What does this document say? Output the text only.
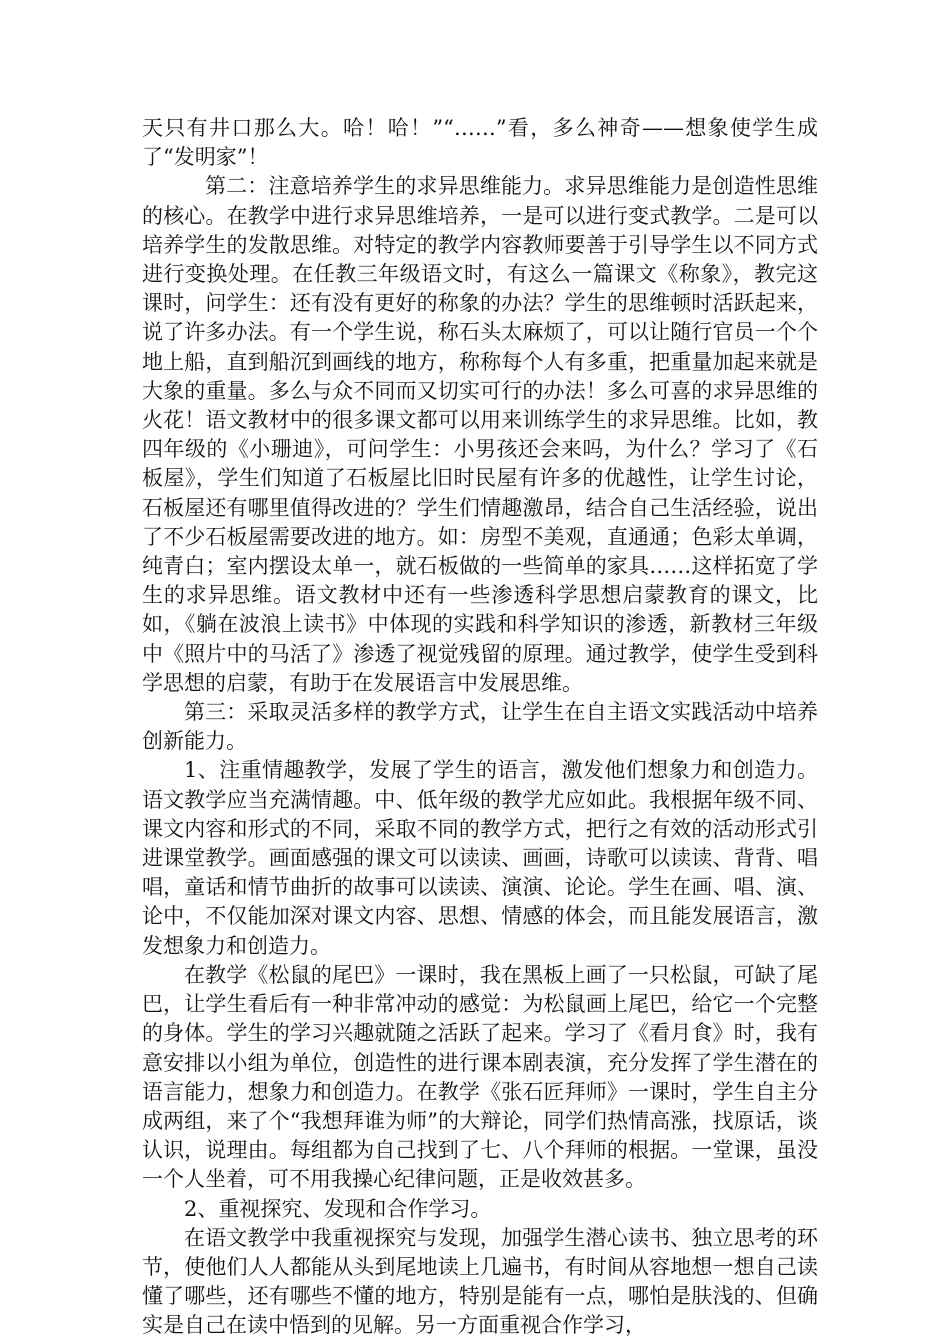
天只有井口那么大。哈！哈！”“……”看，多么神奇——想象使学生成了“发明家”！

第二：注意培养学生的求异思维能力。求异思维能力是创造性思维的核心。在教学中进行求异思维培养，一是可以进行变式教学。二是可以培养学生的发散思维。对特定的教学内容教师要善于引导学生以不同方式进行变换处理。在任教三年级语文时，有这么一篇课文《称象》，教完这课时，问学生：还有没有更好的称象的办法？学生的思维顿时活跃起来，说了许多办法。有一个学生说，称石头太麻烦了，可以让随行官员一个个地上船，直到船沉到画线的地方，称称每个人有多重，把重量加起来就是大象的重量。多么与众不同而又切实可行的办法！多么可喜的求异思维的火花！语文教材中的很多课文都可以用来训练学生的求异思维。比如，教四年级的《小珊迪》，可问学生：小男孩还会来吗，为什么？学习了《石板屋》，学生们知道了石板屋比旧时民屋有许多的优越性，让学生讨论，石板屋还有哪里值得改进的？学生们情趣激昂，结合自己生活经验，说出了不少石板屋需要改进的地方。如：房型不美观，直通通；色彩太单调，纯青白；室内摆设太单一，就石板做的一些简单的家具……这样拓宽了学生的求异思维。语文教材中还有一些渗透科学思想启蒙教育的课文，比如，《躺在波浪上读书》中体现的实践和科学知识的渗透，新教材三年级中《照片中的马活了》渗透了视觉残留的原理。通过教学，使学生受到科学思想的启蒙，有助于在发展语言中发展思维。

第三：采取灵活多样的教学方式，让学生在自主语文实践活动中培养创新能力。

1、注重情趣教学，发展了学生的语言，激发他们想象力和创造力。语文教学应当充满情趣。中、低年级的教学尤应如此。我根据年级不同、课文内容和形式的不同，采取不同的教学方式，把行之有效的活动形式引进课堂教学。画面感强的课文可以读读、画画，诗歌可以读读、背背、唱唱，童话和情节曲折的故事可以读读、演演、论论。学生在画、唱、演、论中，不仅能加深对课文内容、思想、情感的体会，而且能发展语言，激发想象力和创造力。

在教学《松鼠的尾巴》一课时，我在黑板上画了一只松鼠，可缺了尾巴，让学生看后有一种非常冲动的感觉：为松鼠画上尾巴，给它一个完整的身体。学生的学习兴趣就随之活跃了起来。学习了《看月食》时，我有意安排以小组为单位，创造性的进行课本剧表演，充分发挥了学生潜在的语言能力，想象力和创造力。在教学《张石匠拜师》一课时，学生自主分成两组，来了个“我想拜谁为师”的大辩论，同学们热情高涨，找原话，谈认识，说理由。每组都为自己找到了七、八个拜师的根据。一堂课，虽没一个人坐着，可不用我操心纪律问题，正是收效甚多。

2、重视探究、发现和合作学习。

在语文教学中我重视探究与发现，加强学生潜心读书、独立思考的环节，使他们人人都能从头到尾地读上几遍书，有时间从容地想一想自己读懂了哪些，还有哪些不懂的地方，特别是能有一点，哪怕是肤浅的、但确实是自己在读中悟到的见解。另一方面重视合作学习，
